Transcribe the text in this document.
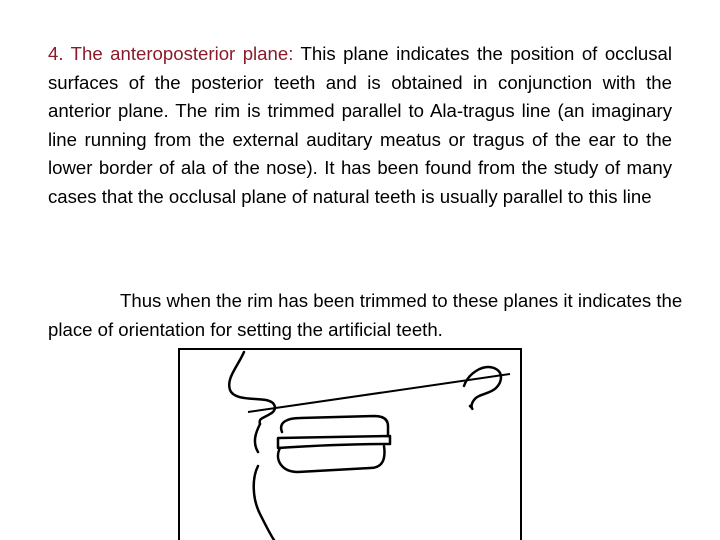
4. The anteroposterior plane: This plane indicates the position of occlusal surfaces of the posterior teeth and is obtained in conjunction with the anterior plane. The rim is trimmed parallel to Ala-tragus line (an imaginary line running from the external auditary meatus or tragus of the ear to the lower border of ala of the nose). It has been found from the study of many cases that the occlusal plane of natural teeth is usually parallel to this line
Thus when the rim has been trimmed to these planes it indicates the place of orientation for setting the artificial teeth.
